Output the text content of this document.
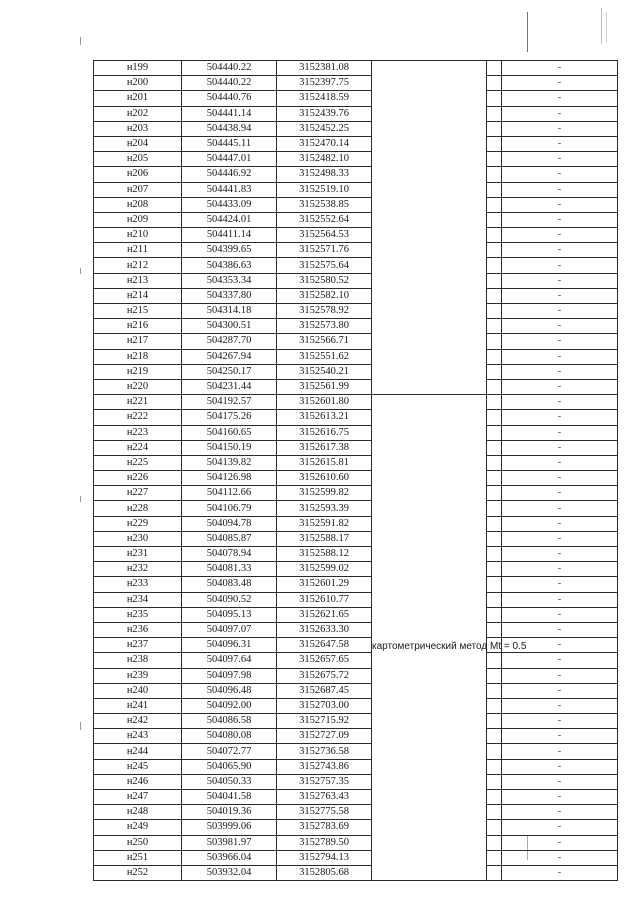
н199	504440.22	3152381.08			-
н200	504440.22	3152397.75			-
н201	504440.76	3152418.59			-
н202	504441.14	3152439.76			-
н203	504438.94	3152452.25			-
н204	504445.11	3152470.14			-
н205	504447.01	3152482.10			-
н206	504446.92	3152498.33			-
н207	504441.83	3152519.10			-
н208	504433.09	3152538.85			-
н209	504424.01	3152552.64			-
н210	504411.14	3152564.53			-
н211	504399.65	3152571.76			-
н212	504386.63	3152575.64			-
н213	504353.34	3152580.52			-
н214	504337.80	3152582.10			-
н215	504314.18	3152578.92			-
н216	504300.51	3152573.80			-
н217	504287.70	3152566.71			-
н218	504267.94	3152551.62			-
н219	504250.17	3152540.21			-
н220	504231.44	3152561.99			-
н221	504192.57	3152601.80	картометрический метод Mt = 0.5		-
н222	504175.26	3152613.21			-
н223	504160.65	3152616.75			-
н224	504150.19	3152617.38			-
н225	504139.82	3152615.81			-
н226	504126.98	3152610.60			-
н227	504112.66	3152599.82			-
н228	504106.79	3152593.39			-
н229	504094.78	3152591.82			-
н230	504085.87	3152588.17			-
н231	504078.94	3152588.12			-
н232	504081.33	3152599.02			-
н233	504083.48	3152601.29			-
н234	504090.52	3152610.77			-
н235	504095.13	3152621.65			-
н236	504097.07	3152633.30			-
н237	504096.31	3152647.58			-
н238	504097.64	3152657.65			-
н239	504097.98	3152675.72			-
н240	504096.48	3152687.45			-
н241	504092.00	3152703.00			-
н242	504086.58	3152715.92			-
н243	504080.08	3152727.09			-
н244	504072.77	3152736.58			-
н245	504065.90	3152743.86			-
н246	504050.33	3152757.35			-
н247	504041.58	3152763.43			-
н248	504019.36	3152775.58			-
н249	503999.06	3152783.69			-
н250	503981.97	3152789.50			-
н251	503966.04	3152794.13			-
н252	503932.04	3152805.68			-
